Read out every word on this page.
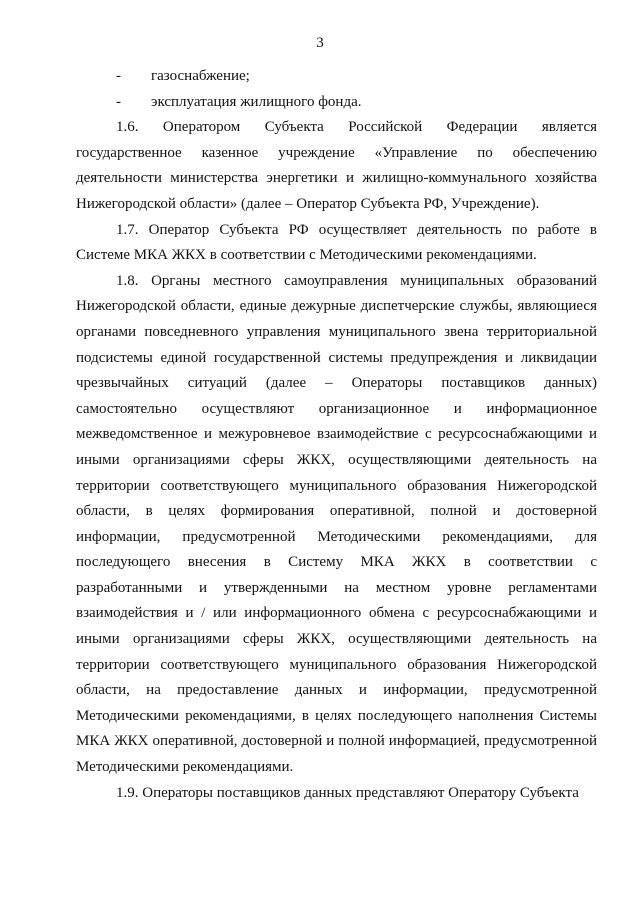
3
- газоснабжение;
- эксплуатация жилищного фонда.

1.6. Оператором Субъекта Российской Федерации является государственное казенное учреждение «Управление по обеспечению деятельности министерства энергетики и жилищно-коммунального хозяйства Нижегородской области» (далее – Оператор Субъекта РФ, Учреждение).

1.7. Оператор Субъекта РФ осуществляет деятельность по работе в Системе МКА ЖКХ в соответствии с Методическими рекомендациями.

1.8. Органы местного самоуправления муниципальных образований Нижегородской области, единые дежурные диспетчерские службы, являющиеся органами повседневного управления муниципального звена территориальной подсистемы единой государственной системы предупреждения и ликвидации чрезвычайных ситуаций (далее – Операторы поставщиков данных) самостоятельно осуществляют организационное и информационное межведомственное и межуровневое взаимодействие с ресурсоснабжающими и иными организациями сферы ЖКХ, осуществляющими деятельность на территории соответствующего муниципального образования Нижегородской области, в целях формирования оперативной, полной и достоверной информации, предусмотренной Методическими рекомендациями, для последующего внесения в Систему МКА ЖКХ в соответствии с разработанными и утвержденными на местном уровне регламентами взаимодействия и / или информационного обмена с ресурсоснабжающими и иными организациями сферы ЖКХ, осуществляющими деятельность на территории соответствующего муниципального образования Нижегородской области, на предоставление данных и информации, предусмотренной Методическими рекомендациями, в целях последующего наполнения Системы МКА ЖКХ оперативной, достоверной и полной информацией, предусмотренной Методическими рекомендациями.

1.9. Операторы поставщиков данных представляют Оператору Субъекта
